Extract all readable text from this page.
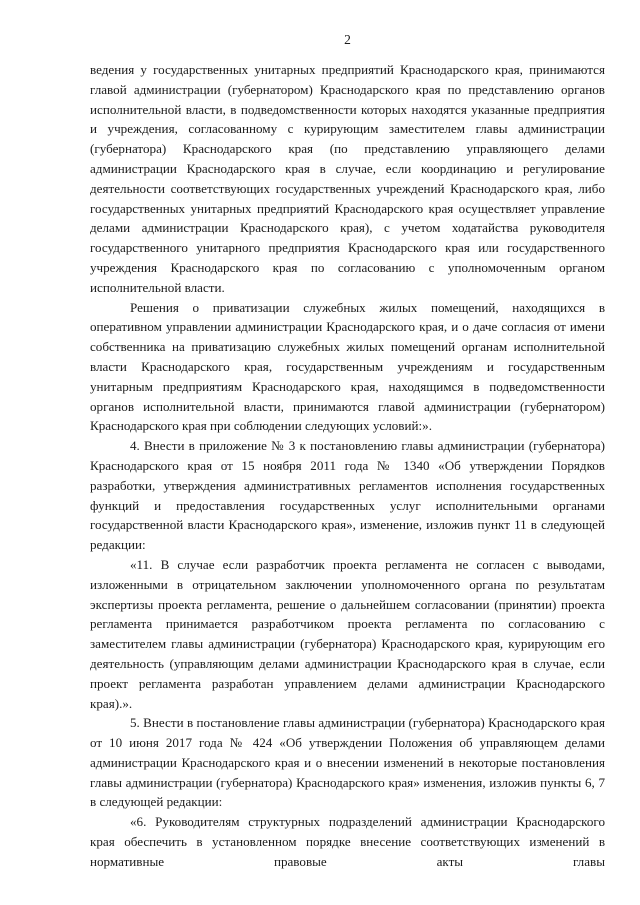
2

ведения у государственных унитарных предприятий Краснодарского края, принимаются главой администрации (губернатором) Краснодарского края по представлению органов исполнительной власти, в подведомственности которых находятся указанные предприятия и учреждения, согласованному с курирующим заместителем главы администрации (губернатора) Краснодарского края (по представлению управляющего делами администрации Краснодарского края в случае, если координацию и регулирование деятельности соответствующих государственных учреждений Краснодарского края, либо государственных унитарных предприятий Краснодарского края осуществляет управление делами администрации Краснодарского края), с учетом ходатайства руководителя государственного унитарного предприятия Краснодарского края или государственного учреждения Краснодарского края по согласованию с уполномоченным органом исполнительной власти.

Решения о приватизации служебных жилых помещений, находящихся в оперативном управлении администрации Краснодарского края, и о даче согласия от имени собственника на приватизацию служебных жилых помещений органам исполнительной власти Краснодарского края, государственным учреждениям и государственным унитарным предприятиям Краснодарского края, находящимся в подведомственности органов исполнительной власти, принимаются главой администрации (губернатором) Краснодарского края при соблюдении следующих условий:».

4. Внести в приложение № 3 к постановлению главы администрации (губернатора) Краснодарского края от 15 ноября 2011 года № 1340 «Об утверждении Порядков разработки, утверждения административных регламентов исполнения государственных функций и предоставления государственных услуг исполнительными органами государственной власти Краснодарского края», изменение, изложив пункт 11 в следующей редакции:

«11. В случае если разработчик проекта регламента не согласен с выводами, изложенными в отрицательном заключении уполномоченного органа по результатам экспертизы проекта регламента, решение о дальнейшем согласовании (принятии) проекта регламента принимается разработчиком проекта регламента по согласованию с заместителем главы администрации (губернатора) Краснодарского края, курирующим его деятельность (управляющим делами администрации Краснодарского края в случае, если проект регламента разработан управлением делами администрации Краснодарского края).».

5. Внести в постановление главы администрации (губернатора) Краснодарского края от 10 июня 2017 года № 424 «Об утверждении Положения об управляющем делами администрации Краснодарского края и о внесении изменений в некоторые постановления главы администрации (губернатора) Краснодарского края» изменения, изложив пункты 6, 7 в следующей редакции:

«6. Руководителям структурных подразделений администрации Краснодарского края обеспечить в установленном порядке внесение соответствующих изменений в нормативные правовые акты главы
